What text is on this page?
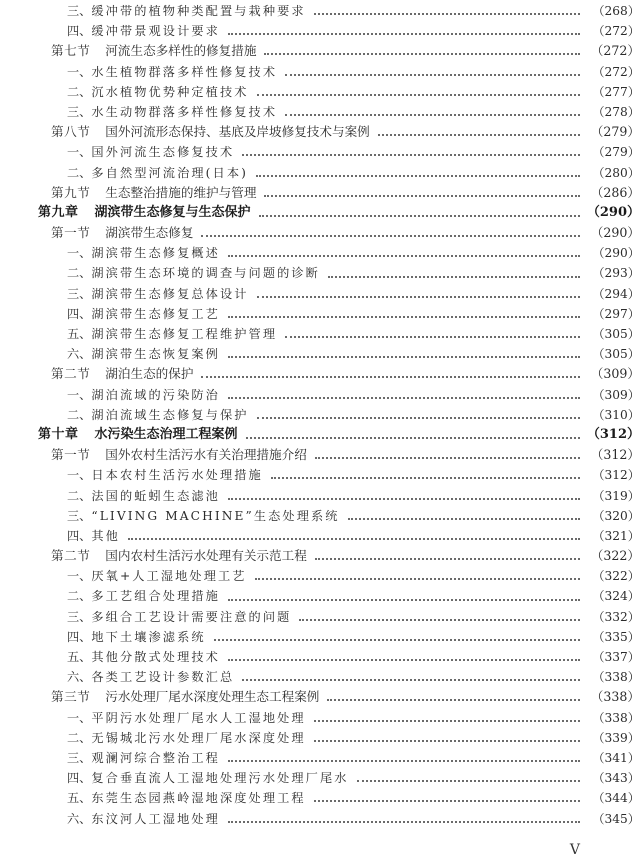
三、 缓冲带的植物种类配置与栽种要求	（268）
四、 缓冲带景观设计要求	（272）
第七节 河流生态多样性的修复措施	（272）
一、 水生植物群落多样性修复技术	（272）
二、 沉水植物优势种定植技术	（277）
三、 水生动物群落多样性修复技术	（278）
第八节 国外河流形态保持、基底及岸坡修复技术与案例	（279）
一、 国外河流生态修复技术	（279）
二、 多自然型河流治理(日本)	（280）
第九节 生态整治措施的维护与管理	（286）
第九章 湖滨带生态修复与生态保护	（290）
第一节 湖滨带生态修复	（290）
一、 湖滨带生态修复概述	（290）
二、 湖滨带生态环境的调查与问题的诊断	（293）
三、 湖滨带生态修复总体设计	（294）
四、 湖滨带生态修复工艺	（297）
五、 湖滨带生态修复工程维护管理	（305）
六、 湖滨带生态恢复案例	（305）
第二节 湖泊生态的保护	（309）
一、 湖泊流域的污染防治	（309）
二、 湖泊流域生态修复与保护	（310）
第十章 水污染生态治理工程案例	（312）
第一节 国外农村生活污水有关治理措施介绍	（312）
一、 日本农村生活污水处理措施	（312）
二、 法国的蚯蚓生态滤池	（319）
三、 “LIVING MACHINE”生态处理系统	（320）
四、 其他	（321）
第二节 国内农村生活污水处理有关示范工程	（322）
一、 厌氧+人工湿地处理工艺	（322）
二、 多工艺组合处理措施	（324）
三、 多组合工艺设计需要注意的问题	（332）
四、 地下土壤渗滤系统	（335）
五、 其他分散式处理技术	（337）
六、 各类工艺设计参数汇总	（338）
第三节 污水处理厂尾水深度处理生态工程案例	（338）
一、 平阴污水处理厂尾水人工湿地处理	（338）
二、 无锡城北污水处理厂尾水深度处理	（339）
三、 观澜河综合整治工程	（341）
四、 复合垂直流人工湿地处理污水处理厂尾水	（343）
五、 东莞生态园燕岭湿地深度处理工程	（344）
六、 东汶河人工湿地处理	（345）
V
